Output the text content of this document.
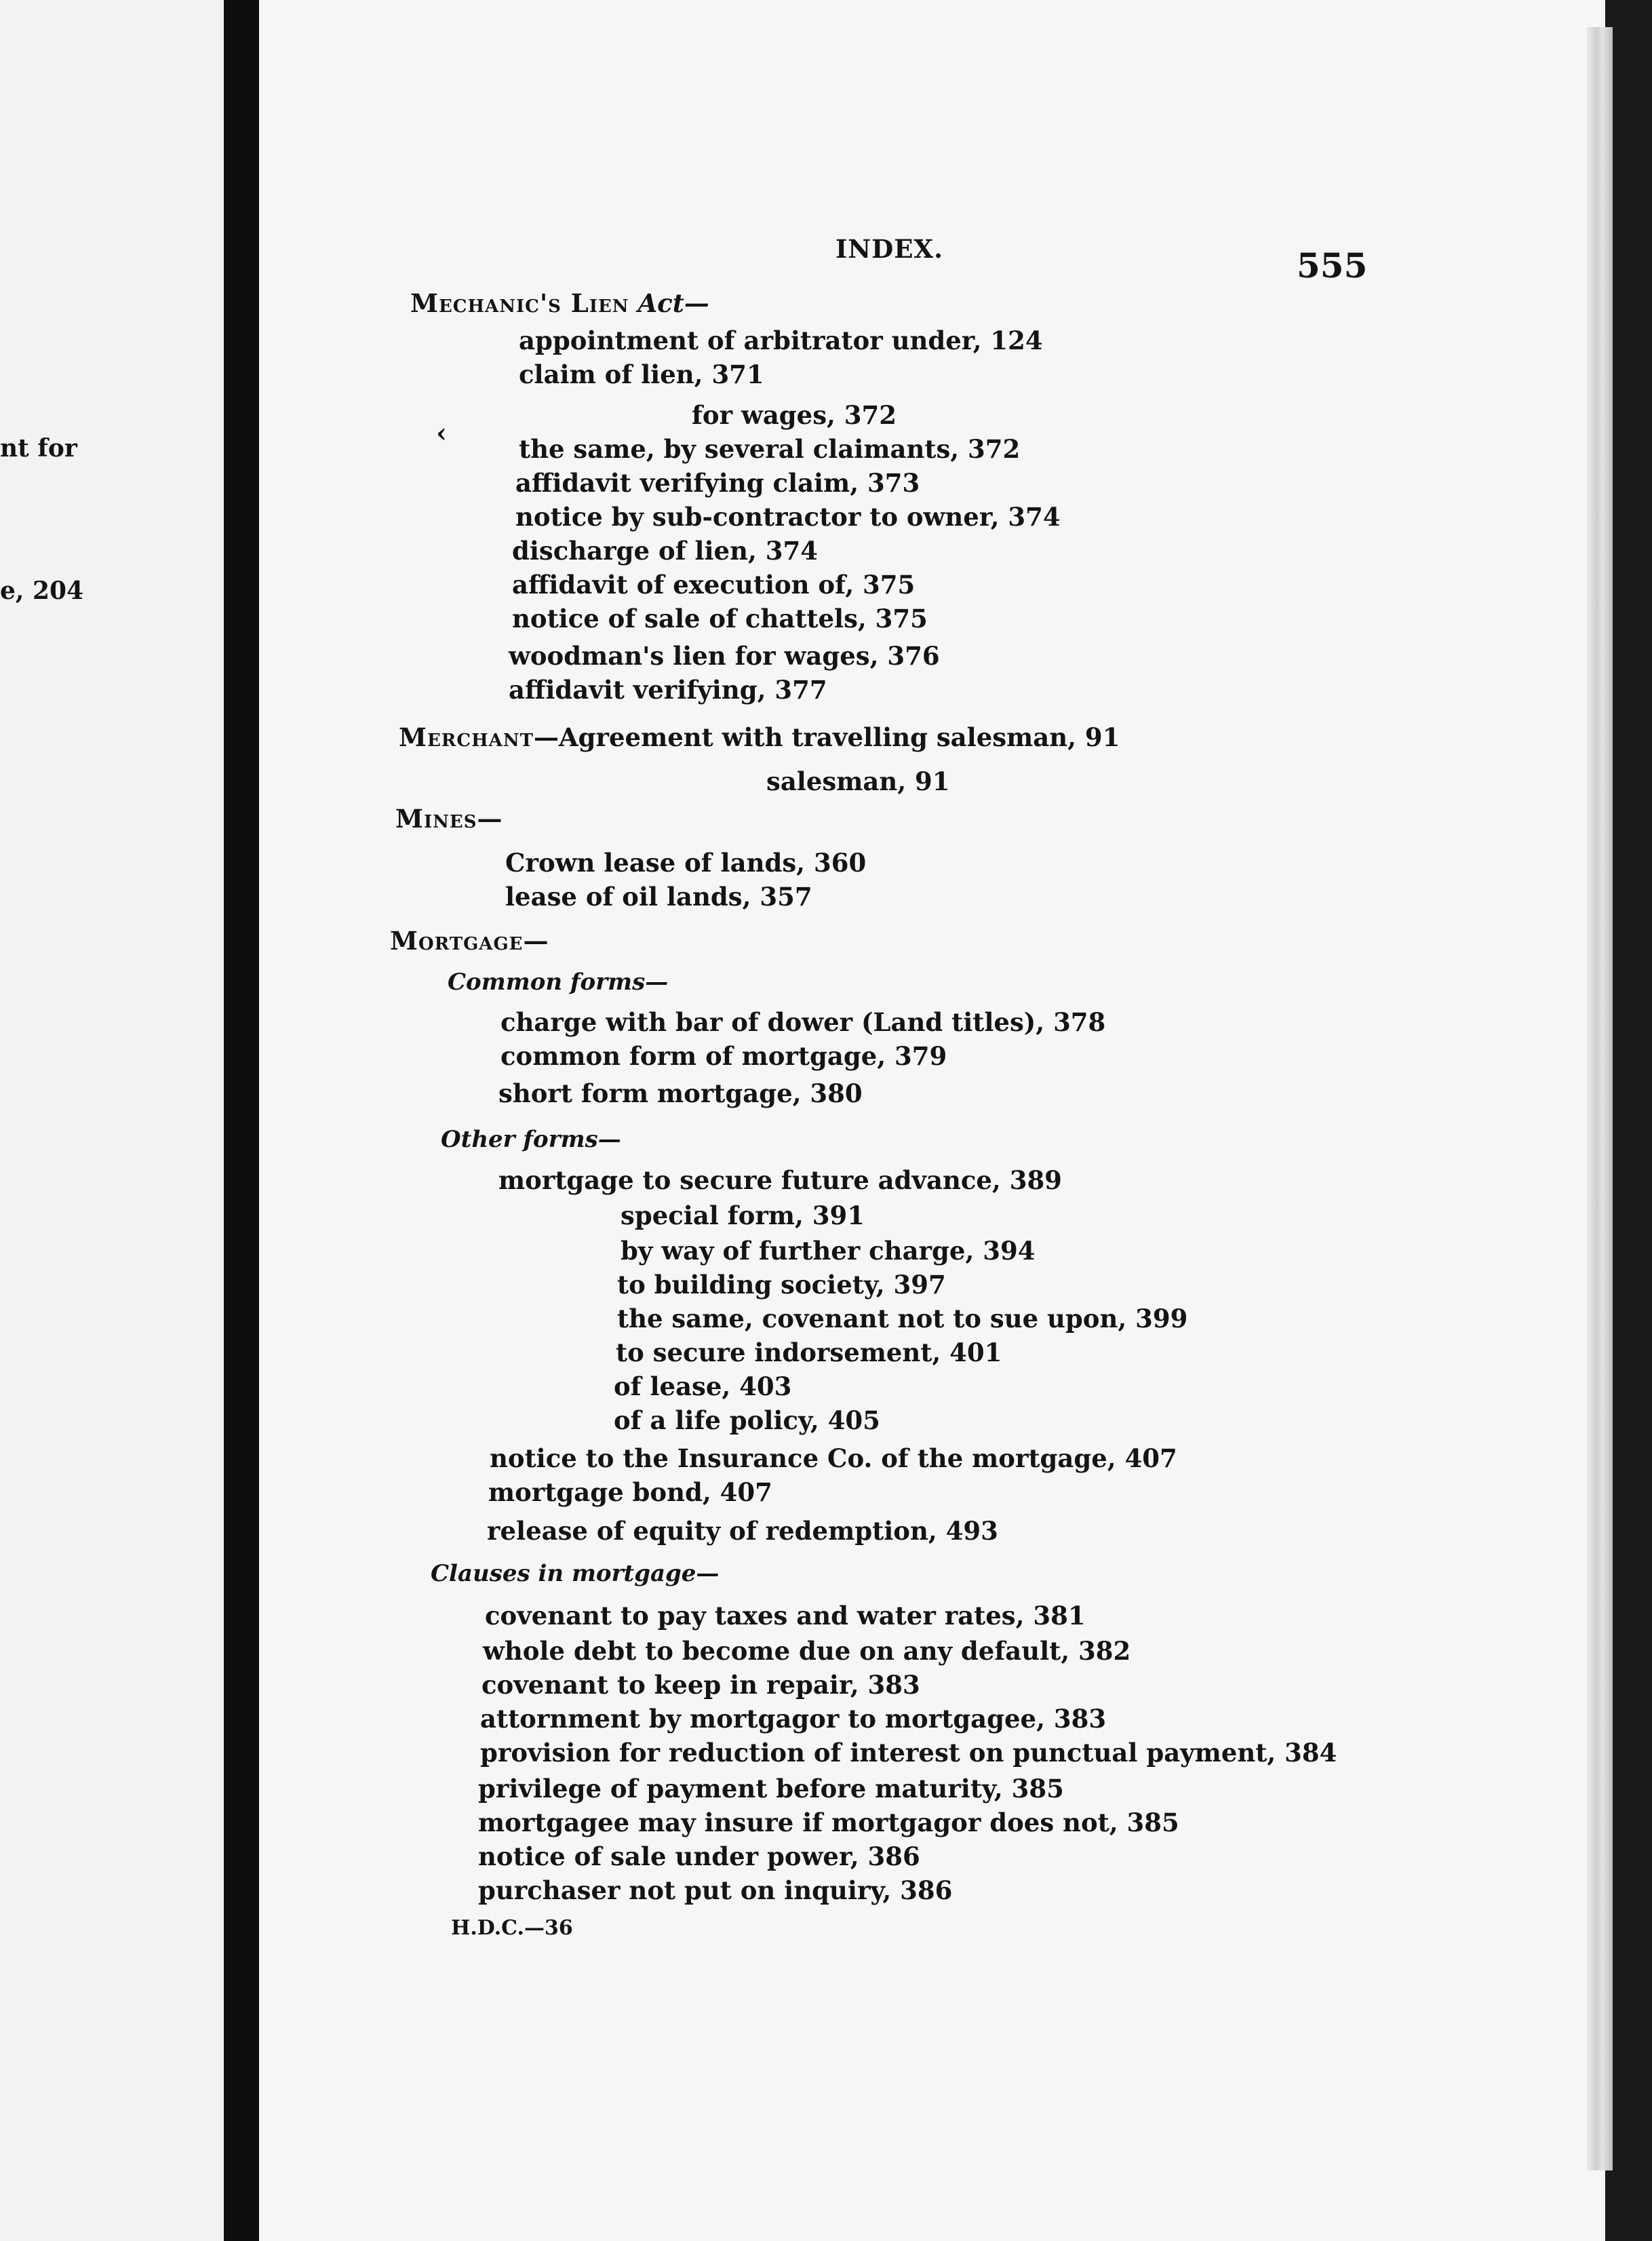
nt for
e, 204
INDEX.	555
Mechanic's Lien Act—
appointment of arbitrator under, 124
claim of lien, 371
for wages, 372
‹	the same, by several claimants, 372
affidavit verifying claim, 373
notice by sub-contractor to owner, 374
discharge of lien, 374
affidavit of execution of, 375
notice of sale of chattels, 375
woodman's lien for wages, 376
affidavit verifying, 377
Merchant—Agreement with travelling salesman, 91
salesman, 91
Mines—
Crown lease of lands, 360
lease of oil lands, 357
Mortgage—
Common forms—
charge with bar of dower (Land titles), 378
common form of mortgage, 379
short form mortgage, 380
Other forms—
mortgage to secure future advance, 389
special form, 391
by way of further charge, 394
to building society, 397
the same, covenant not to sue upon, 399
to secure indorsement, 401
of lease, 403
of a life policy, 405
notice to the Insurance Co. of the mortgage, 407
mortgage bond, 407
release of equity of redemption, 493
Clauses in mortgage—
covenant to pay taxes and water rates, 381
whole debt to become due on any default, 382
covenant to keep in repair, 383
attornment by mortgagor to mortgagee, 383
provision for reduction of interest on punctual payment, 384
privilege of payment before maturity, 385
mortgagee may insure if mortgagor does not, 385
notice of sale under power, 386
purchaser not put on inquiry, 386
H.D.C.—36
